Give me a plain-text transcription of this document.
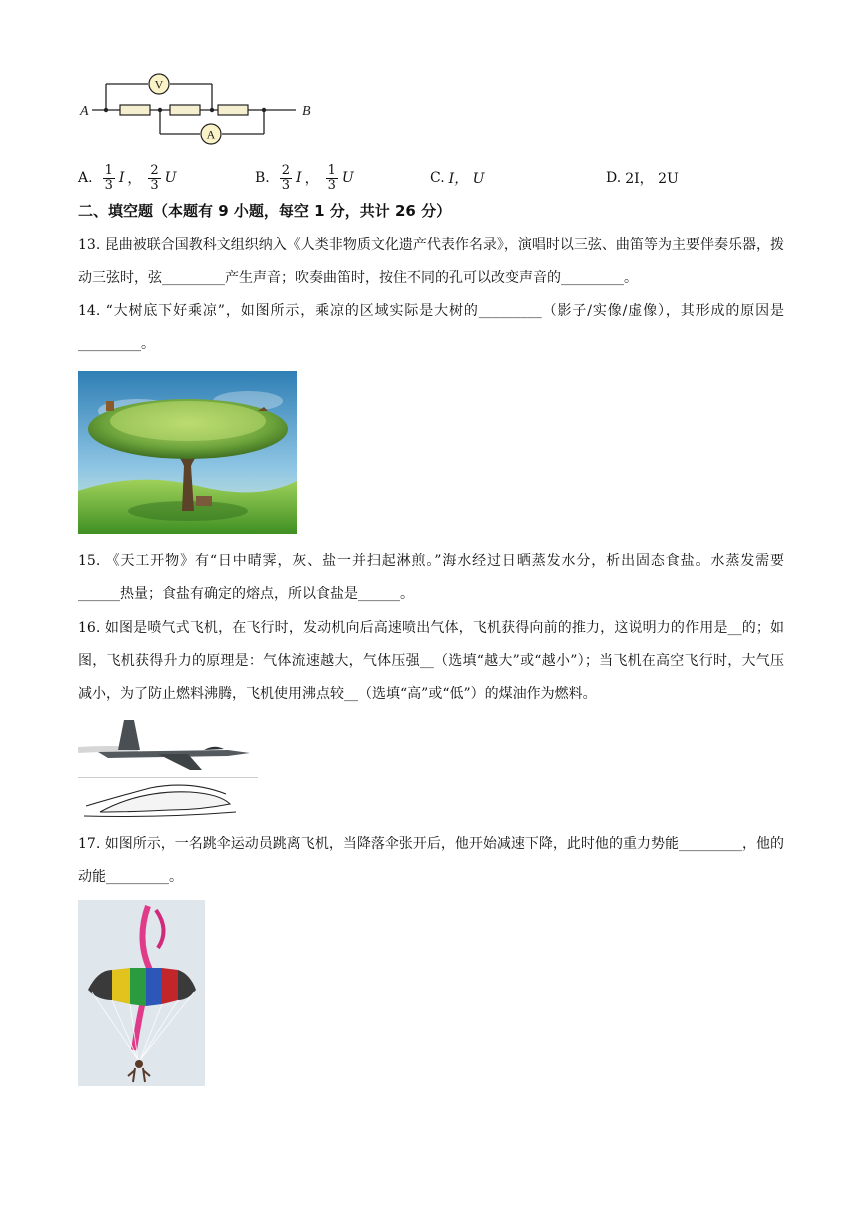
V
A
A	B
A. $\frac{1}{3}$ I ， $\frac{2}{3}$ U	B. $\frac{2}{3}$ I ， $\frac{1}{3}$ U	C. I， U	D. 2I， 2U
二、填空题（本题有 9 小题，每空 1 分，共计 26 分）
13. 昆曲被联合国教科文组织纳入《人类非物质文化遗产代表作名录》，演唱时以三弦、曲笛等为主要伴奏乐器，拨动三弦时，弦_________产生声音；吹奏曲笛时，按住不同的孔可以改变声音的_________。
14. “大树底下好乘凉”，如图所示，乘凉的区域实际是大树的_________（影子/实像/虚像），其形成的原因是_________。
15. 《天工开物》有“日中晴霁，灰、盐一并扫起淋煎。”海水经过日晒蒸发水分，析出固态食盐。水蒸发需要______热量；食盐有确定的熔点，所以食盐是______。
16. 如图是喷气式飞机，在飞行时，发动机向后高速喷出气体，飞机获得向前的推力，这说明力的作用是__的；如图，飞机获得升力的原理是：气体流速越大，气体压强__（选填“越大”或“越小”）；当飞机在高空飞行时，大气压减小，为了防止燃料沸腾，飞机使用沸点较__（选填“高”或“低”）的煤油作为燃料。
17. 如图所示，一名跳伞运动员跳离飞机，当降落伞张开后，他开始减速下降，此时他的重力势能_________，他的动能_________。
